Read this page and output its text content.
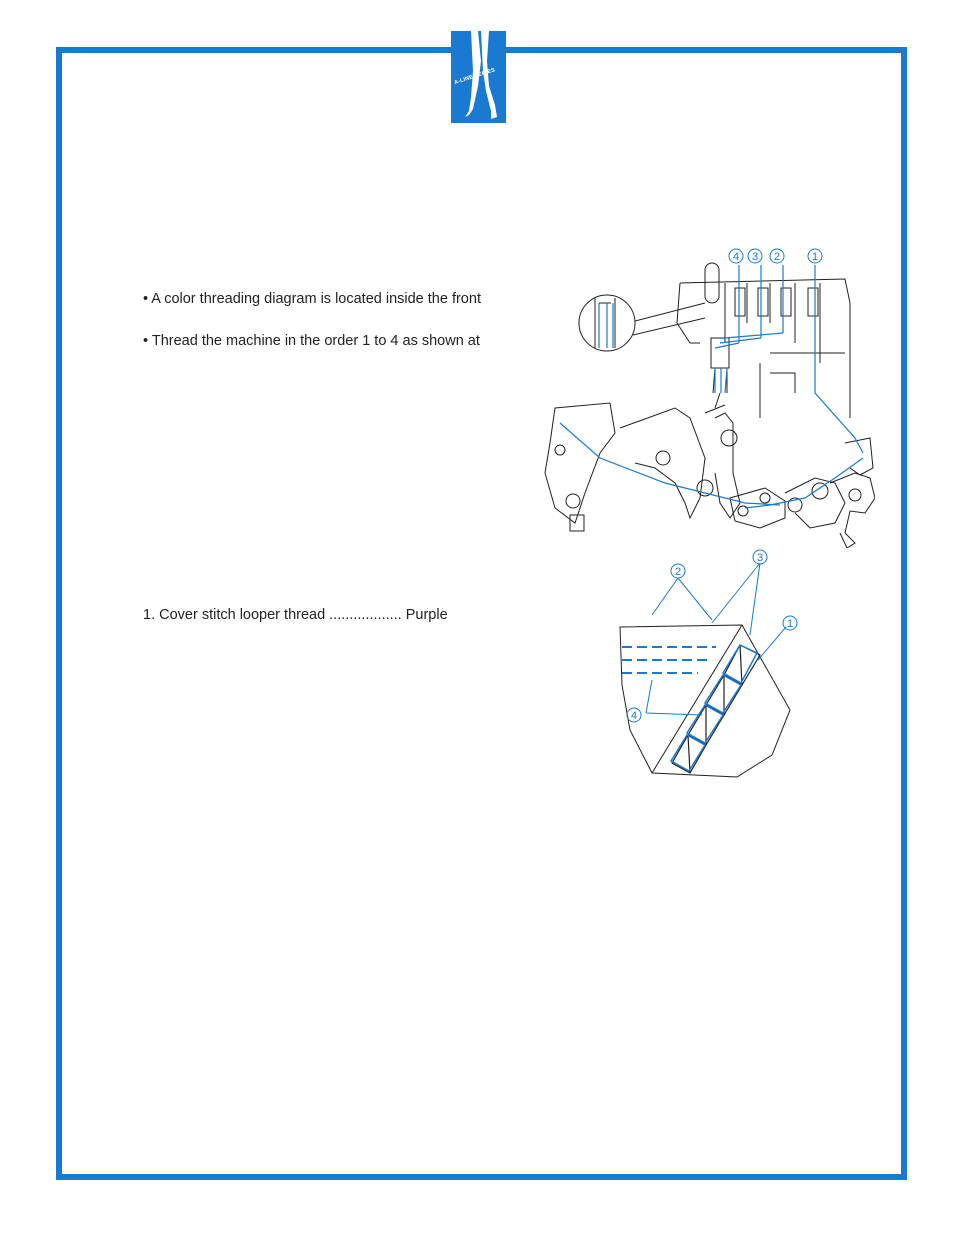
A-LINE SERIES
• A color threading diagram is located inside the front
• Thread the machine in the order 1 to 4 as shown at
1. Cover stitch looper thread .................. Purple
4 3 2	1
2
3
1
4
